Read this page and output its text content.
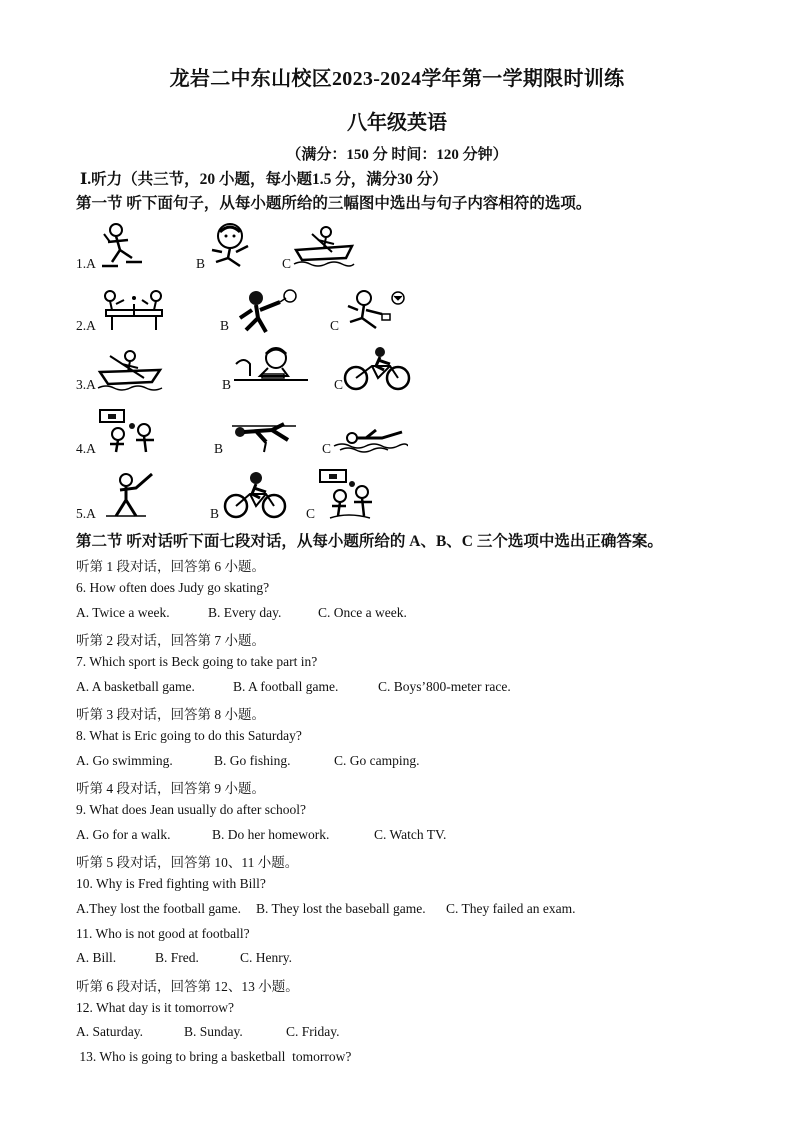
龙岩二中东山校区2023-2024学年第一学期限时训练
八年级英语
（满分：150 分 时间：120 分钟）
Ⅰ.听力（共三节，20 小题，每小题1.5 分，满分30 分）
第一节 听下面句子，从每小题所给的三幅图中选出与句子内容相符的选项。
1.A	B	C
2.A	B	C
3.A	B	C
4.A	B	C
5.A	B	C
第二节 听对话听下面七段对话，从每小题所给的 A、B、C 三个选项中选出正确答案。
听第 1 段对话，回答第 6 小题。
6. How often does Judy go skating?
A. Twice a week.	B. Every day.	C. Once a week.
听第 2 段对话，回答第 7 小题。
7. Which sport is Beck going to take part in?
A. A basketball game.	B. A football game.	C. Boys’800-meter race.
听第 3 段对话，回答第 8 小题。
8. What is Eric going to do this Saturday?
A. Go swimming.	B. Go fishing.	C. Go camping.
听第 4 段对话，回答第 9 小题。
9. What does Jean usually do after school?
A. Go for a walk.	B. Do her homework.	C. Watch TV.
听第 5 段对话，回答第 10、11 小题。
10. Why is Fred fighting with Bill?
A.They lost the football game. B. They lost the baseball game. C. They failed an exam.
11. Who is not good at football?
A. Bill.	B. Fred.	C. Henry.
听第 6 段对话，回答第 12、13 小题。
12. What day is it tomorrow?
A. Saturday.	B. Sunday.	C. Friday.
13. Who is going to bring a basketball  tomorrow?
